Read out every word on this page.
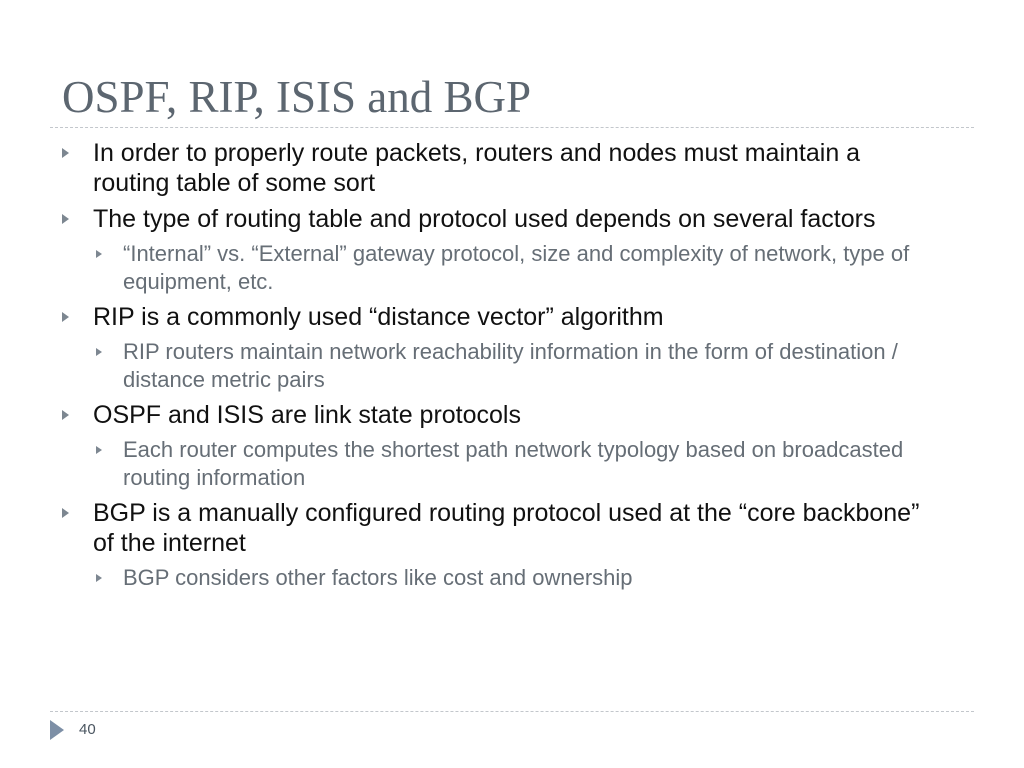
OSPF, RIP, ISIS and BGP
In order to properly route packets, routers and nodes must maintain a routing table of some sort
The type of routing table and protocol used depends on several factors
“Internal” vs. “External” gateway protocol, size and complexity of network, type of equipment, etc.
RIP is a commonly used “distance vector” algorithm
RIP routers maintain network reachability information in the form of destination / distance metric pairs
OSPF and ISIS are link state protocols
Each router computes the shortest path network typology based on broadcasted routing information
BGP is a manually configured routing protocol used at the “core backbone” of the internet
BGP considers other factors like cost and ownership
40
